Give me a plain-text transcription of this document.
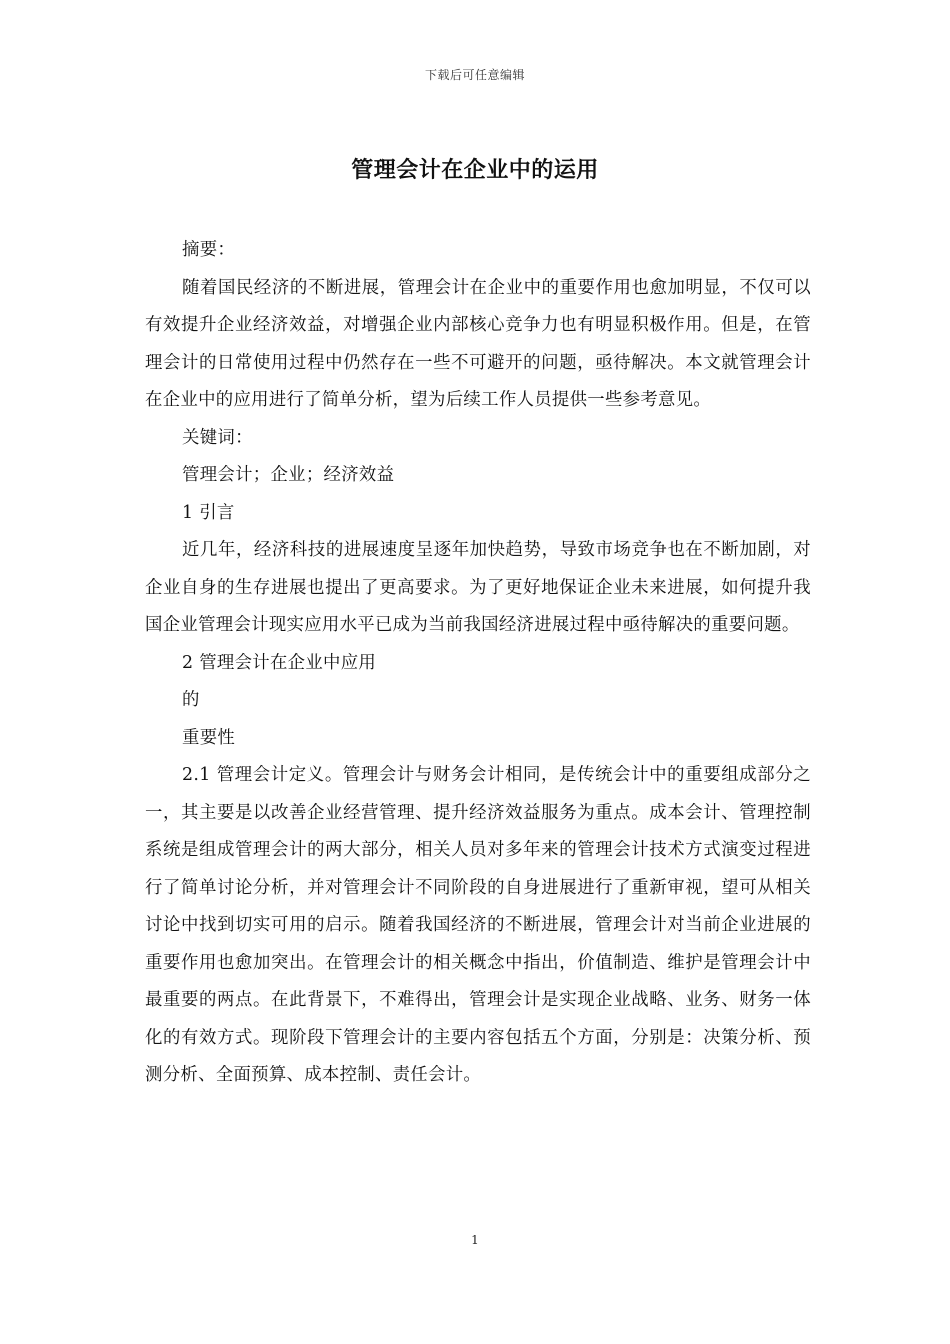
下载后可任意编辑
管理会计在企业中的运用

摘要：

随着国民经济的不断进展，管理会计在企业中的重要作用也愈加明显，不仅可以有效提升企业经济效益，对增强企业内部核心竞争力也有明显积极作用。但是，在管理会计的日常使用过程中仍然存在一些不可避开的问题，亟待解决。本文就管理会计在企业中的应用进行了简单分析，望为后续工作人员提供一些参考意见。

关键词：

管理会计；企业；经济效益

1 引言

近几年，经济科技的进展速度呈逐年加快趋势，导致市场竞争也在不断加剧，对企业自身的生存进展也提出了更高要求。为了更好地保证企业未来进展，如何提升我国企业管理会计现实应用水平已成为当前我国经济进展过程中亟待解决的重要问题。

2 管理会计在企业中应用

的

重要性

2.1 管理会计定义。管理会计与财务会计相同，是传统会计中的重要组成部分之一，其主要是以改善企业经营管理、提升经济效益服务为重点。成本会计、管理控制系统是组成管理会计的两大部分，相关人员对多年来的管理会计技术方式演变过程进行了简单讨论分析，并对管理会计不同阶段的自身进展进行了重新审视，望可从相关讨论中找到切实可用的启示。随着我国经济的不断进展，管理会计对当前企业进展的重要作用也愈加突出。在管理会计的相关概念中指出，价值制造、维护是管理会计中最重要的两点。在此背景下，不难得出，管理会计是实现企业战略、业务、财务一体化的有效方式。现阶段下管理会计的主要内容包括五个方面，分别是：决策分析、预测分析、全面预算、成本控制、责任会计。

1
